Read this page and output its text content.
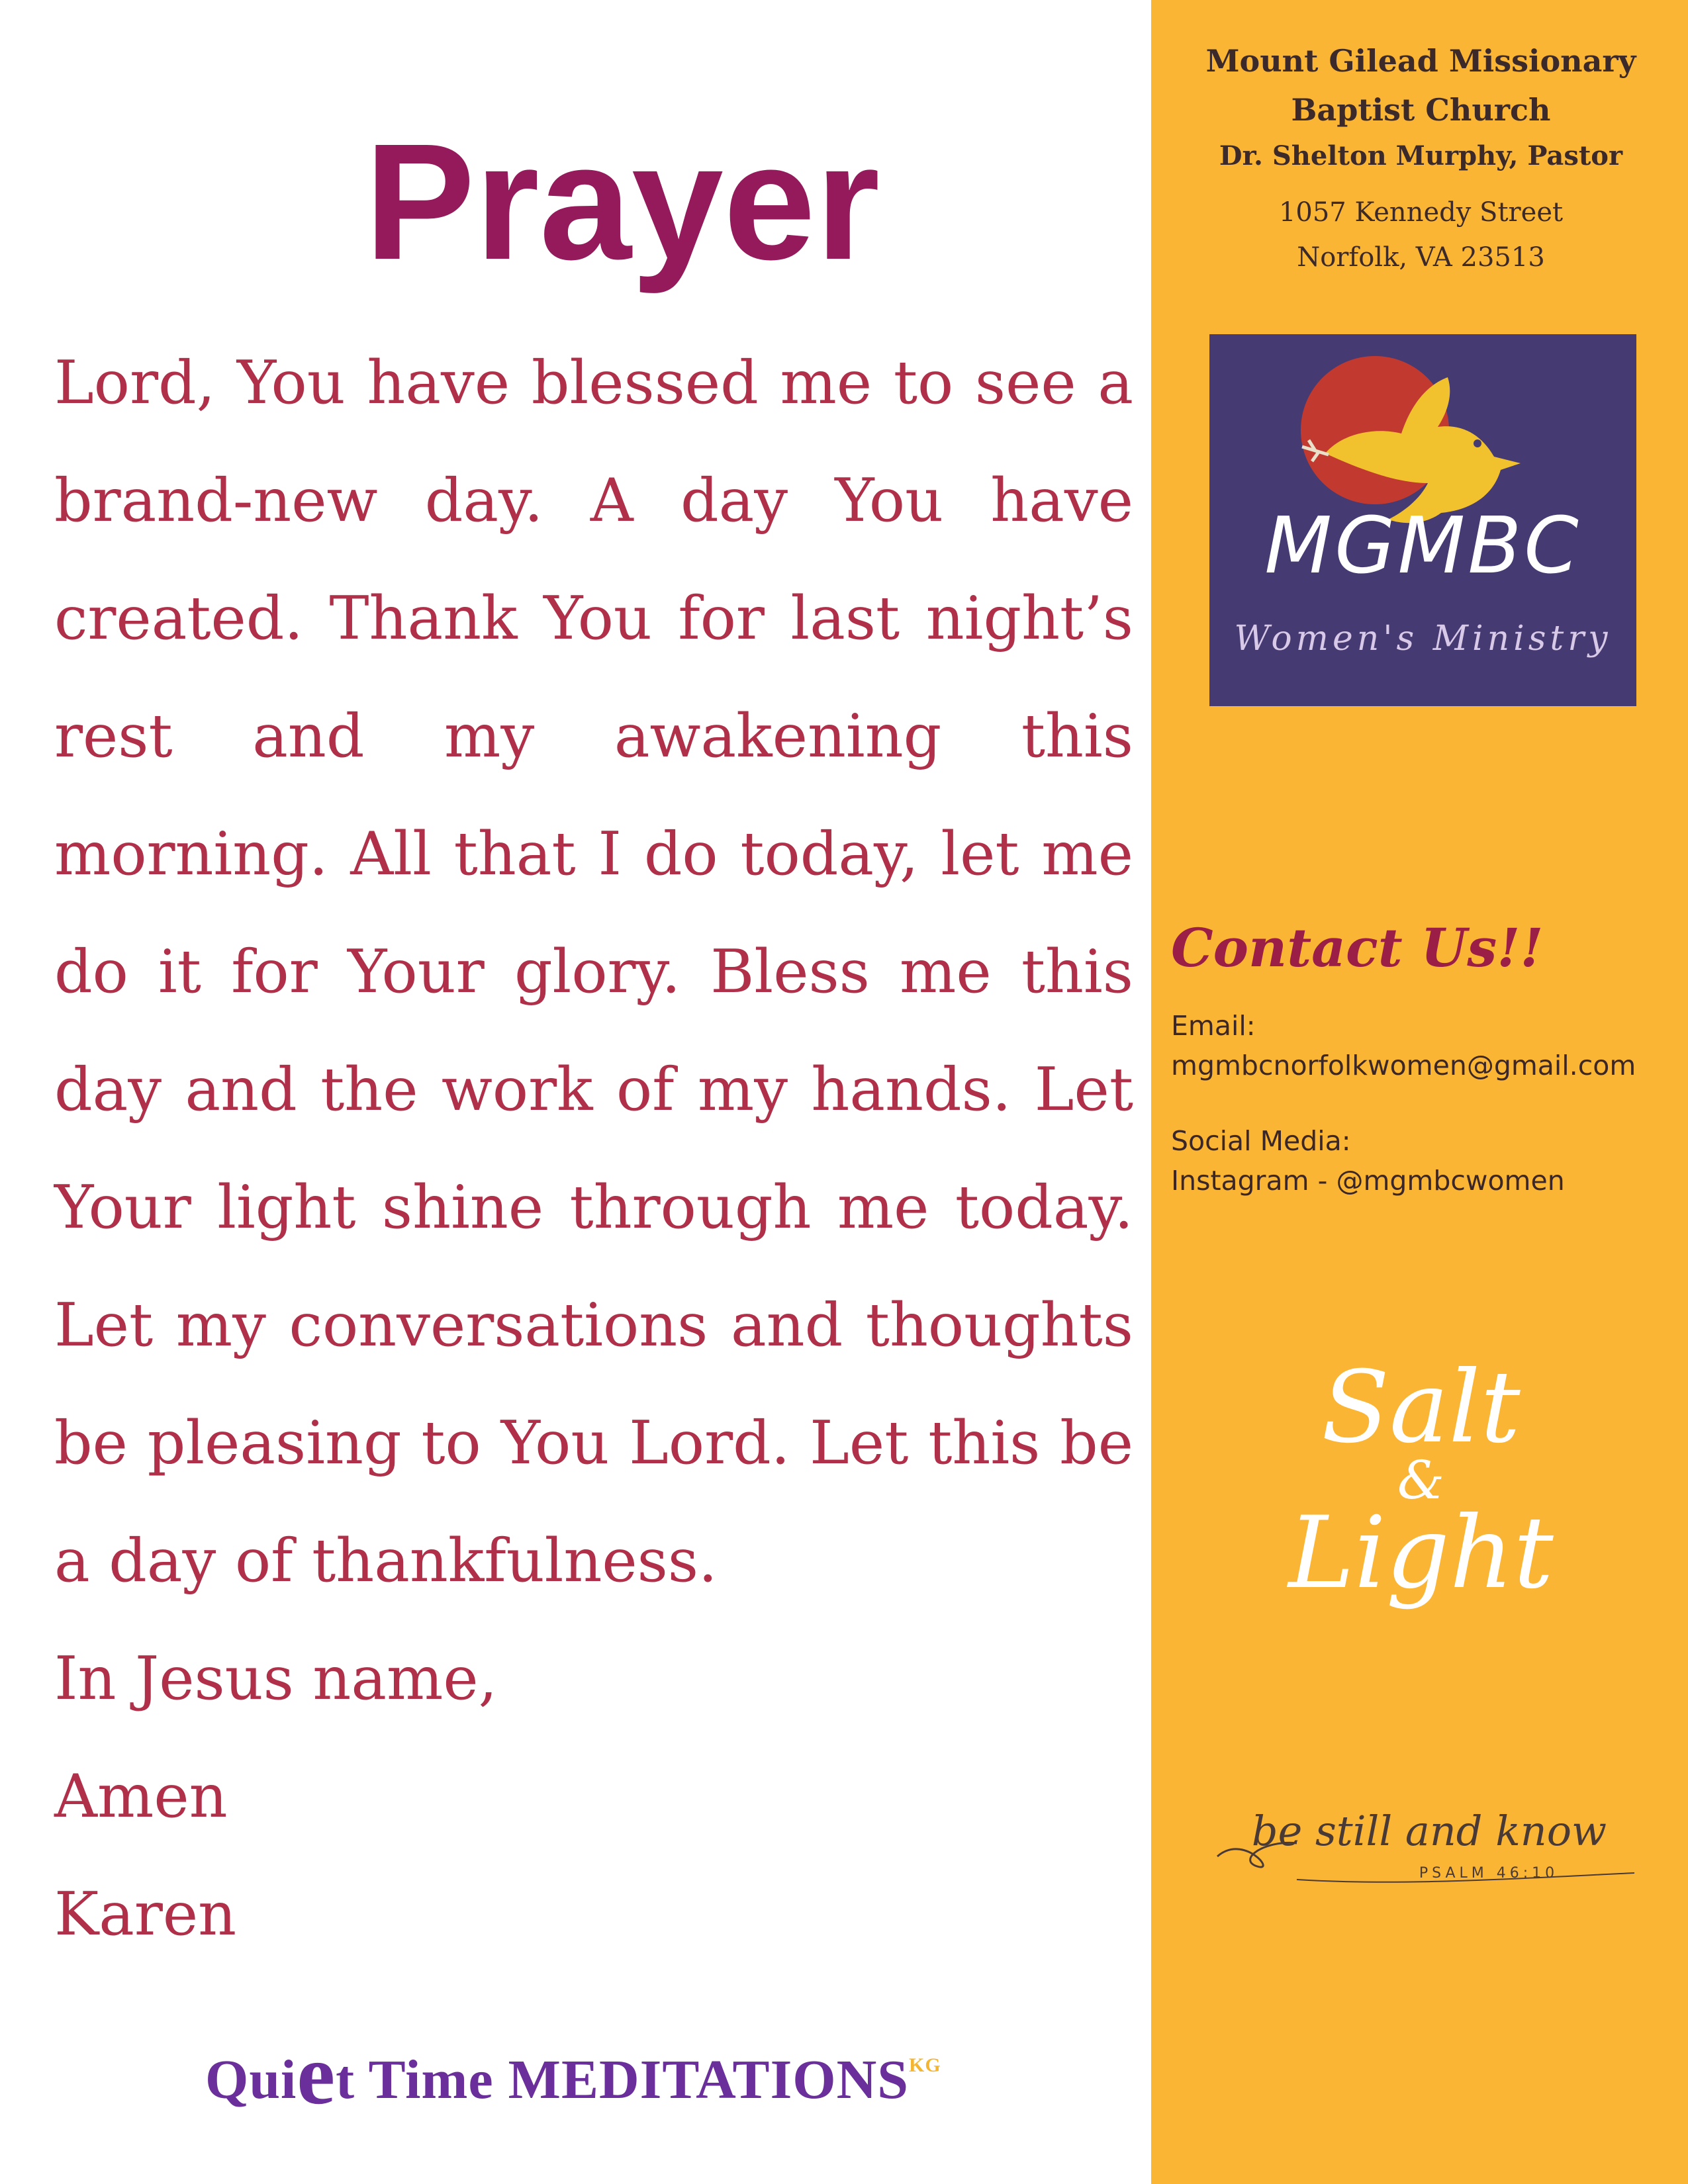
Prayer

Lord, You have blessed me to see a

brand-new day. A day You have

created. Thank You for last night’s

rest and my awakening this

morning. All that I do today, let me

do it for Your glory. Bless me this

day and the work of my hands. Let

Your light shine through me today.

Let my conversations and thoughts

be pleasing to You Lord. Let this be

a day of thankfulness.

In Jesus name,

Amen

Karen

Quiet Time $MEDITATIONS^{KG}$
Mount Gilead Missionary
Baptist Church
Dr. Shelton Murphy, Pastor
1057 Kennedy Street
Norfolk, VA 23513
MGMBC
Women's Ministry
Contact Us!!
Email:
mgmbcnorfolkwomen@gmail.com
Social Media:
Instagram - @mgmbcwomen
Salt
&
Light
be still and know
PSALM 46:10
